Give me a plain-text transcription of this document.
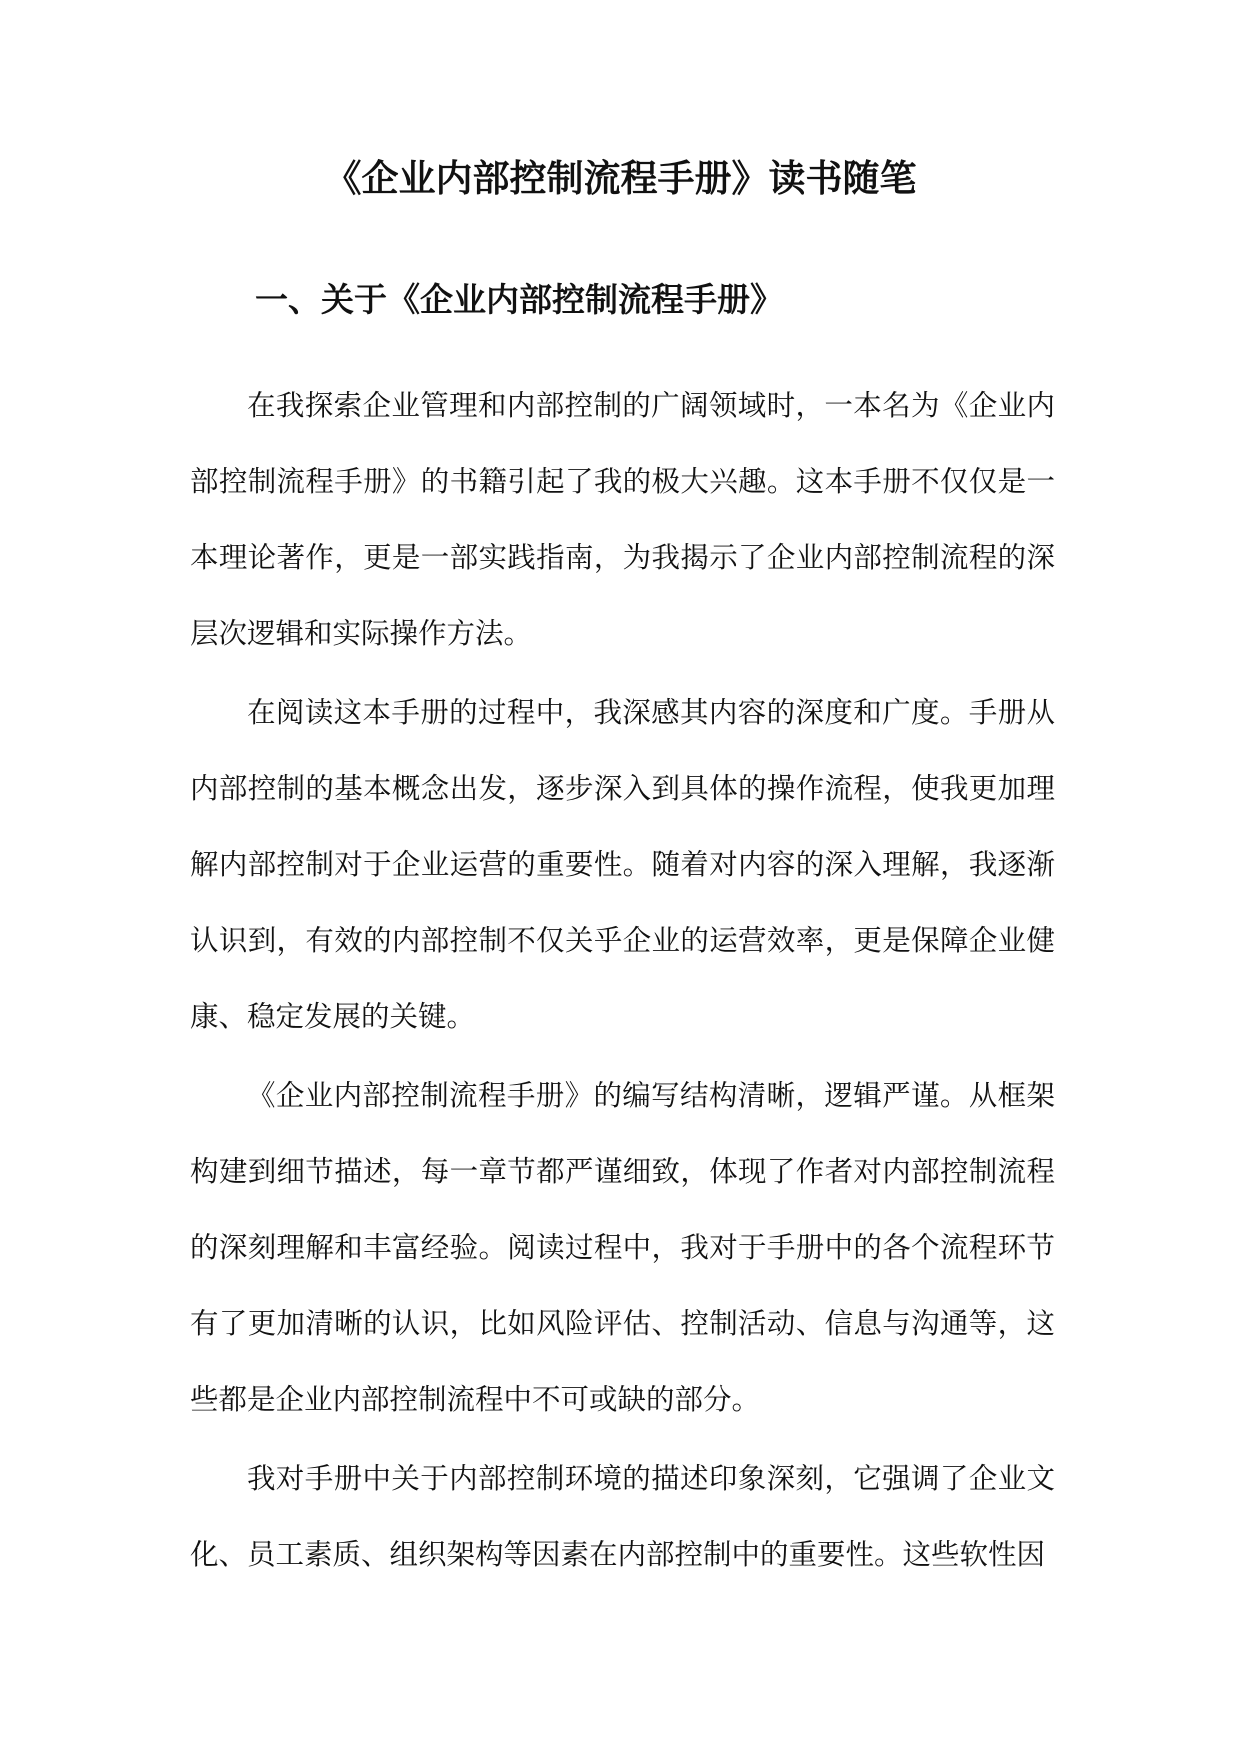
《企业内部控制流程手册》读书随笔
一、关于《企业内部控制流程手册》

在我探索企业管理和内部控制的广阔领域时，一本名为《企业内部控制流程手册》的书籍引起了我的极大兴趣。这本手册不仅仅是一本理论著作，更是一部实践指南，为我揭示了企业内部控制流程的深层次逻辑和实际操作方法。

在阅读这本手册的过程中，我深感其内容的深度和广度。手册从内部控制的基本概念出发，逐步深入到具体的操作流程，使我更加理解内部控制对于企业运营的重要性。随着对内容的深入理解，我逐渐认识到，有效的内部控制不仅关乎企业的运营效率，更是保障企业健康、稳定发展的关键。

《企业内部控制流程手册》的编写结构清晰，逻辑严谨。从框架构建到细节描述，每一章节都严谨细致，体现了作者对内部控制流程的深刻理解和丰富经验。阅读过程中，我对于手册中的各个流程环节有了更加清晰的认识，比如风险评估、控制活动、信息与沟通等，这些都是企业内部控制流程中不可或缺的部分。

我对手册中关于内部控制环境的描述印象深刻，它强调了企业文化、员工素质、组织架构等因素在内部控制中的重要性。这些软性因
